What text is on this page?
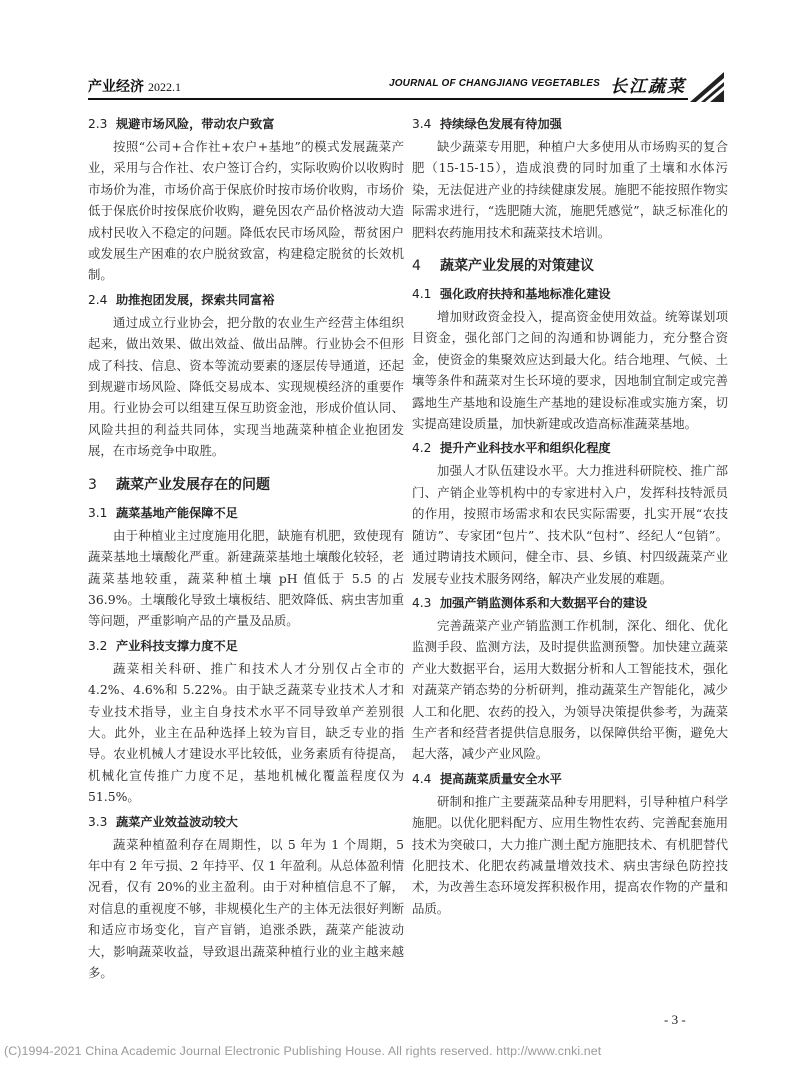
产业经济 2022.1	JOURNAL OF CHANGJIANG VEGETABLES 长江蔬菜
2.3 规避市场风险，带动农户致富

按照“公司+合作社+农户+基地”的模式发展蔬菜产业，采用与合作社、农户签订合约，实际收购价以收购时市场价为准，市场价高于保底价时按市场价收购，市场价低于保底价时按保底价收购，避免因农产品价格波动大造成村民收入不稳定的问题。降低农民市场风险，帮贫困户或发展生产困难的农户脱贫致富，构建稳定脱贫的长效机制。

2.4 助推抱团发展，探索共同富裕

通过成立行业协会，把分散的农业生产经营主体组织起来，做出效果、做出效益、做出品牌。行业协会不但形成了科技、信息、资本等流动要素的逐层传导通道，还起到规避市场风险、降低交易成本、实现规模经济的重要作用。行业协会可以组建互保互助资金池，形成价值认同、风险共担的利益共同体，实现当地蔬菜种植企业抱团发展，在市场竞争中取胜。

3 蔬菜产业发展存在的问题
3.1 蔬菜基地产能保障不足

由于种植业主过度施用化肥，缺施有机肥，致使现有蔬菜基地土壤酸化严重。新建蔬菜基地土壤酸化较轻，老蔬菜基地较重，蔬菜种植土壤 pH 值低于 5.5 的占 36.9%。土壤酸化导致土壤板结、肥效降低、病虫害加重等问题，严重影响产品的产量及品质。

3.2 产业科技支撑力度不足

蔬菜相关科研、推广和技术人才分别仅占全市的 4.2%、4.6%和 5.22%。由于缺乏蔬菜专业技术人才和专业技术指导，业主自身技术水平不同导致单产差别很大。此外，业主在品种选择上较为盲目，缺乏专业的指导。农业机械人才建设水平比较低，业务素质有待提高，机械化宣传推广力度不足，基地机械化覆盖程度仅为 51.5%。

3.3 蔬菜产业效益波动较大

蔬菜种植盈利存在周期性，以 5 年为 1 个周期，5 年中有 2 年亏损、2 年持平、仅 1 年盈利。从总体盈利情况看，仅有 20%的业主盈利。由于对种植信息不了解，对信息的重视度不够，非规模化生产的主体无法很好判断和适应市场变化，盲产盲销，追涨杀跌，蔬菜产能波动大，影响蔬菜收益，导致退出蔬菜种植行业的业主越来越多。

3.4 持续绿色发展有待加强

缺少蔬菜专用肥，种植户大多使用从市场购买的复合肥（15-15-15），造成浪费的同时加重了土壤和水体污染，无法促进产业的持续健康发展。施肥不能按照作物实际需求进行，“选肥随大流，施肥凭感觉”，缺乏标准化的肥料农药施用技术和蔬菜技术培训。

4 蔬菜产业发展的对策建议
4.1 强化政府扶持和基地标准化建设

增加财政资金投入，提高资金使用效益。统筹谋划项目资金，强化部门之间的沟通和协调能力，充分整合资金，使资金的集聚效应达到最大化。结合地理、气候、土壤等条件和蔬菜对生长环境的要求，因地制宜制定或完善露地生产基地和设施生产基地的建设标准或实施方案，切实提高建设质量，加快新建或改造高标准蔬菜基地。

4.2 提升产业科技水平和组织化程度

加强人才队伍建设水平。大力推进科研院校、推广部门、产销企业等机构中的专家进村入户，发挥科技特派员的作用，按照市场需求和农民实际需要，扎实开展“农技随访”、专家团“包片”、技术队“包村”、经纪人“包销”。通过聘请技术顾问，健全市、县、乡镇、村四级蔬菜产业发展专业技术服务网络，解决产业发展的难题。

4.3 加强产销监测体系和大数据平台的建设

完善蔬菜产业产销监测工作机制，深化、细化、优化监测手段、监测方法，及时提供监测预警。加快建立蔬菜产业大数据平台，运用大数据分析和人工智能技术，强化对蔬菜产销态势的分析研判，推动蔬菜生产智能化，减少人工和化肥、农药的投入，为领导决策提供参考，为蔬菜生产者和经营者提供信息服务，以保障供给平衡，避免大起大落，减少产业风险。

4.4 提高蔬菜质量安全水平

研制和推广主要蔬菜品种专用肥料，引导种植户科学施肥。以优化肥料配方、应用生物性农药、完善配套施用技术为突破口，大力推广测土配方施肥技术、有机肥替代化肥技术、化肥农药减量增效技术、病虫害绿色防控技术，为改善生态环境发挥积极作用，提高农作物的产量和品质。

- 3 -
(C)1994-2021 China Academic Journal Electronic Publishing House. All rights reserved. http://www.cnki.net
